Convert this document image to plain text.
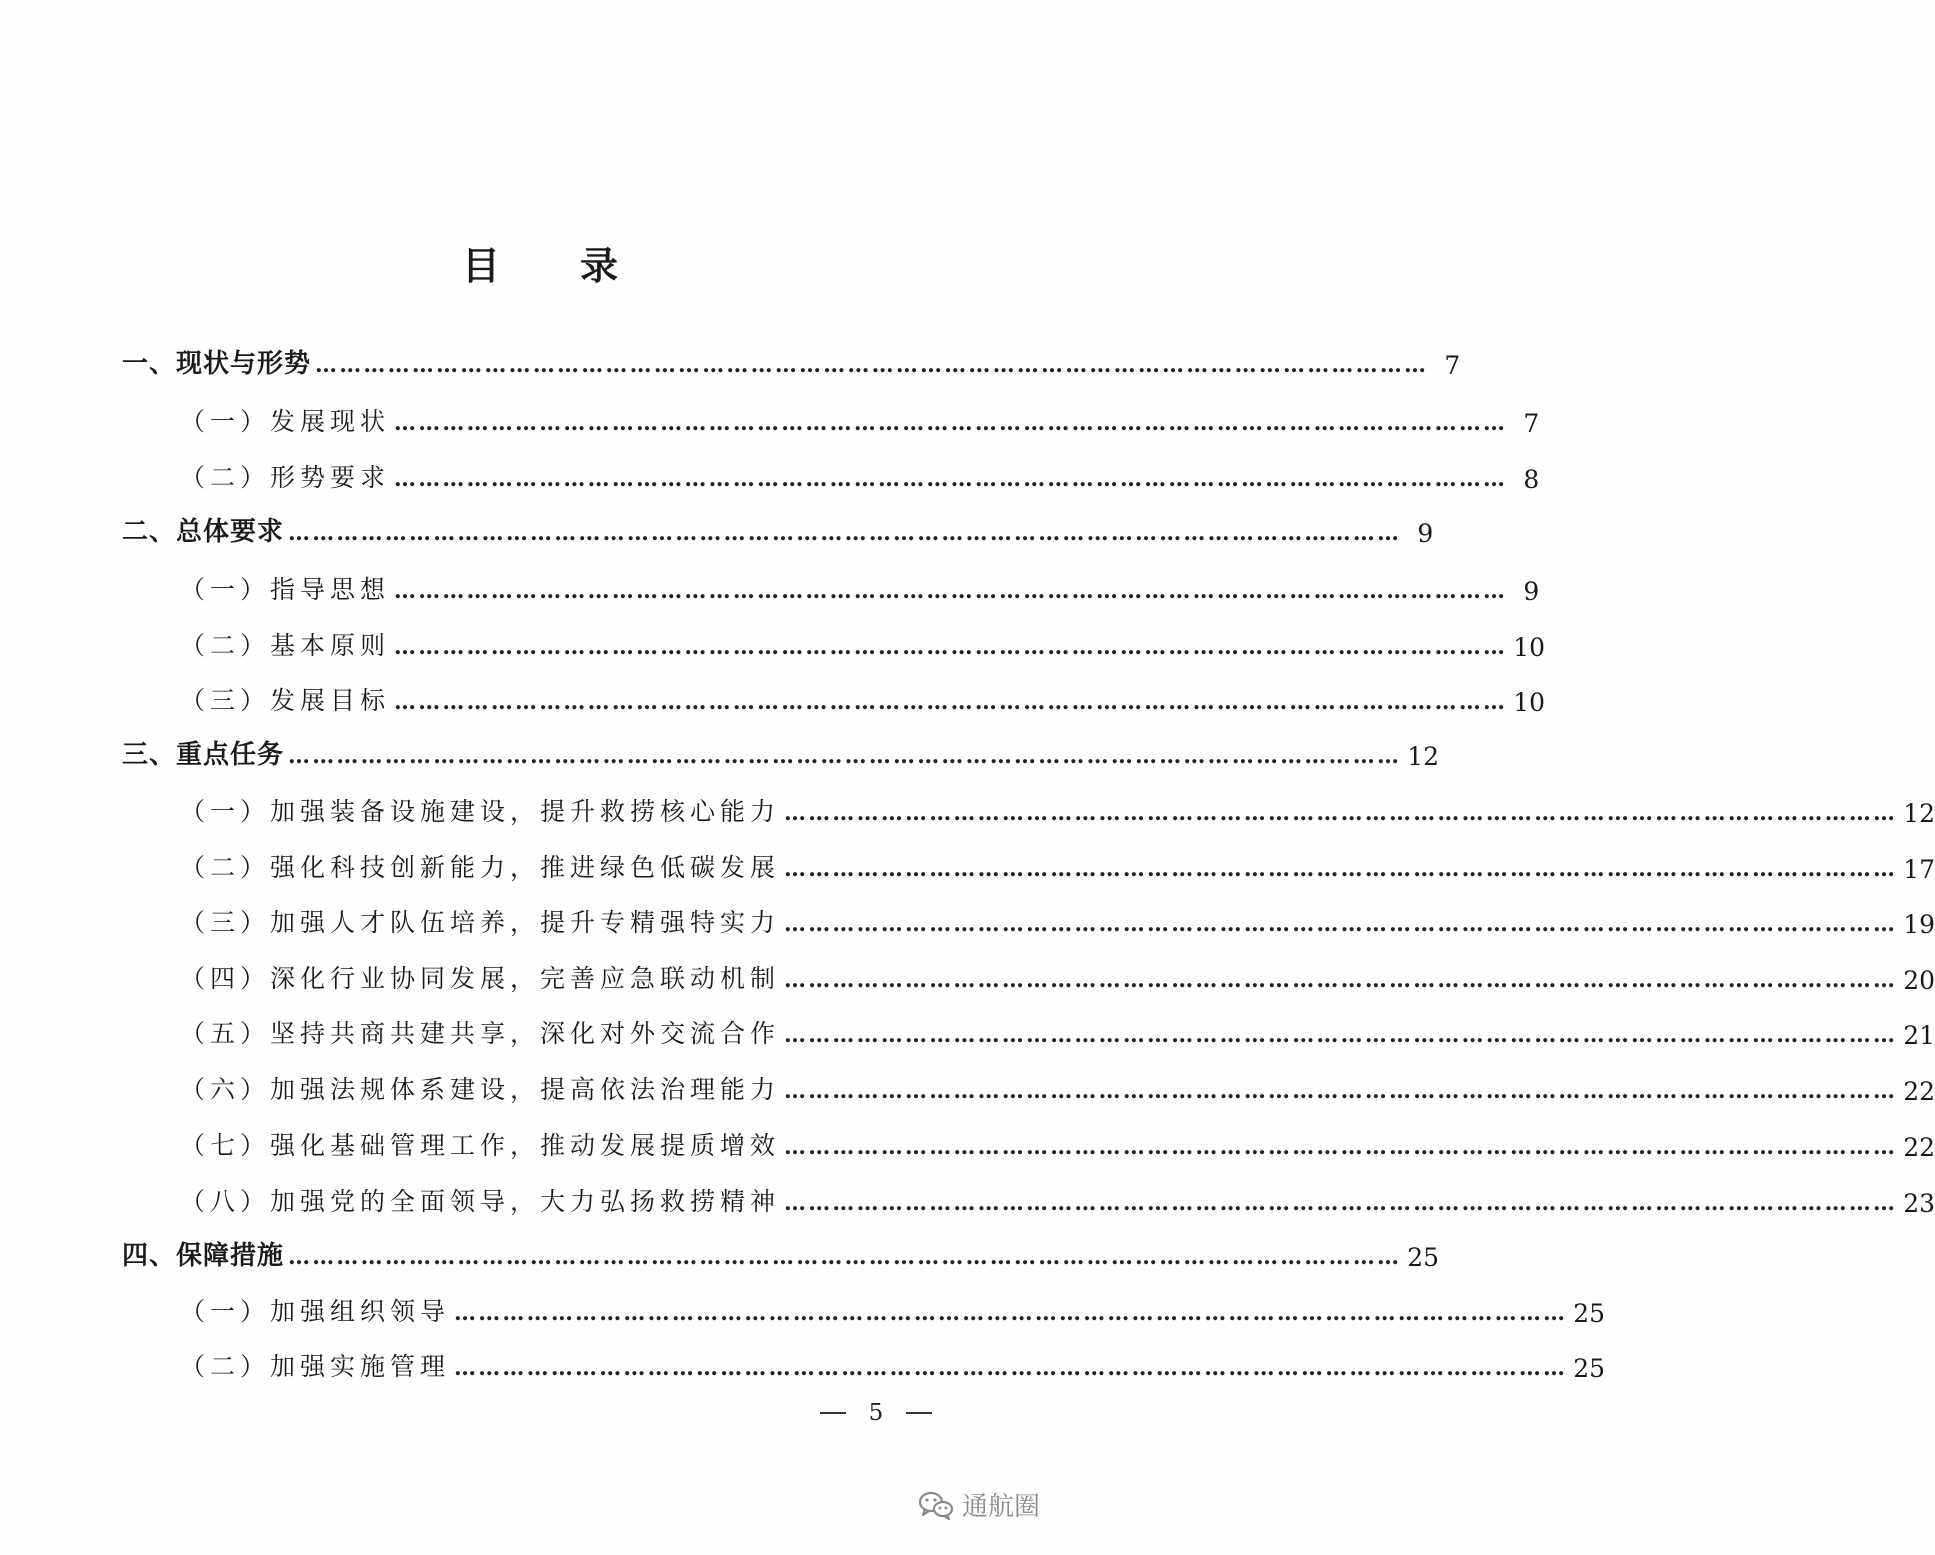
目 录
一、现状与形势 ………………………………………………………………………………………………………………………… 7
（一）发展现状 ………………………………………………………………………………………………………………………… 7
（二）形势要求 ………………………………………………………………………………………………………………………… 8
二、总体要求 ………………………………………………………………………………………………………………………… 9
（一）指导思想 ………………………………………………………………………………………………………………………… 9
（二）基本原则 ………………………………………………………………………………………………………………………… 10
（三）发展目标 ………………………………………………………………………………………………………………………… 10
三、重点任务 ………………………………………………………………………………………………………………………… 12
（一）加强装备设施建设，提升救捞核心能力 ………………………………………………………………………………………………………………………… 12
（二）强化科技创新能力，推进绿色低碳发展 ………………………………………………………………………………………………………………………… 17
（三）加强人才队伍培养，提升专精强特实力 ………………………………………………………………………………………………………………………… 19
（四）深化行业协同发展，完善应急联动机制 ………………………………………………………………………………………………………………………… 20
（五）坚持共商共建共享，深化对外交流合作 ………………………………………………………………………………………………………………………… 21
（六）加强法规体系建设，提高依法治理能力 ………………………………………………………………………………………………………………………… 22
（七）强化基础管理工作，推动发展提质增效 ………………………………………………………………………………………………………………………… 22
（八）加强党的全面领导，大力弘扬救捞精神 ………………………………………………………………………………………………………………………… 23
四、保障措施 ………………………………………………………………………………………………………………………… 25
（一）加强组织领导 ………………………………………………………………………………………………………………………… 25
（二）加强实施管理 ………………………………………………………………………………………………………………………… 25
5
通航圈
